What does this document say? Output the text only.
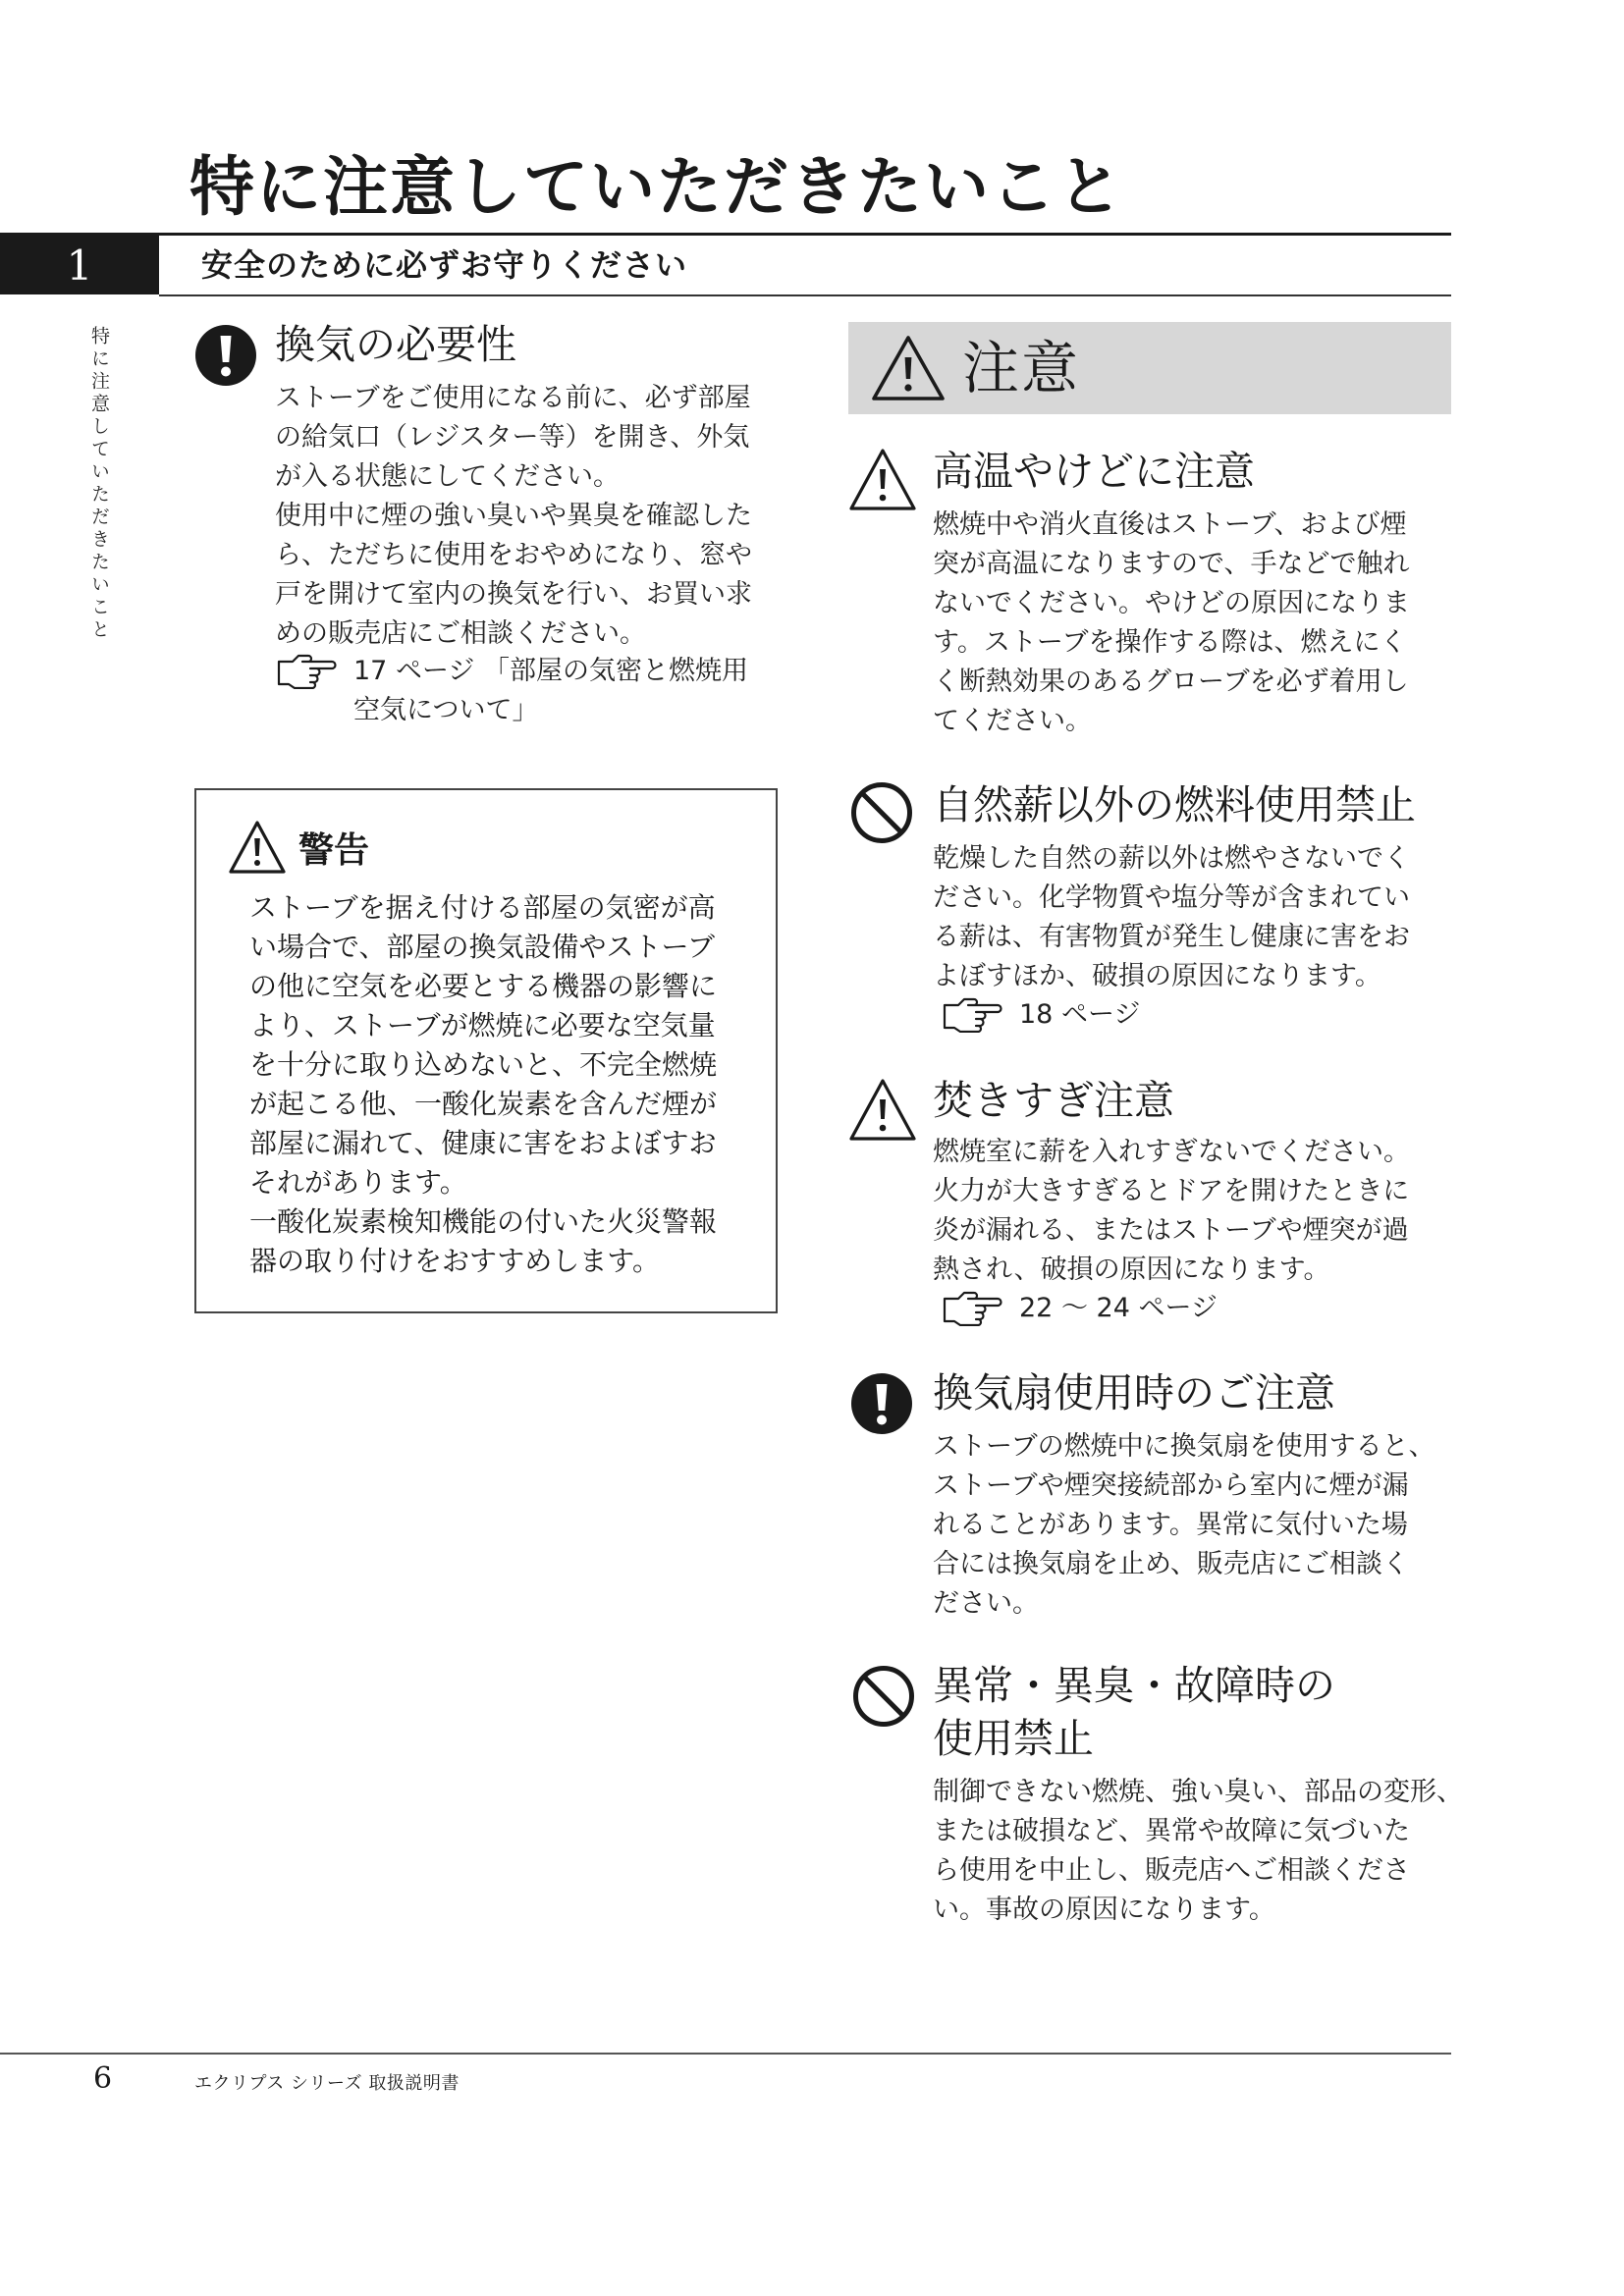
特に注意していただきたいこと
1	安全のために必ずお守りください
特に注意していただきたいこと	換気の必要性

ストーブをご使用になる前に、必ず部屋
の給気口（レジスター等）を開き、外気
が入る状態にしてください。
使用中に煙の強い臭いや異臭を確認した
ら、ただちに使用をおやめになり、窓や
戸を開けて室内の換気を行い、お買い求
めの販売店にご相談ください。

17 ページ 「部屋の気密と燃焼用
空気について」
警告

ストーブを据え付ける部屋の気密が高
い場合で、部屋の換気設備やストーブ
の他に空気を必要とする機器の影響に
より、ストーブが燃焼に必要な空気量
を十分に取り込めないと、不完全燃焼
が起こる他、一酸化炭素を含んだ煙が
部屋に漏れて、健康に害をおよぼすお
それがあります。
一酸化炭素検知機能の付いた火災警報
器の取り付けをおすすめします。

注意
高温やけどに注意

燃焼中や消火直後はストーブ、および煙
突が高温になりますので、手などで触れ
ないでください。やけどの原因になりま
す。ストーブを操作する際は、燃えにく
く断熱効果のあるグローブを必ず着用し
てください。

自然薪以外の燃料使用禁止

乾燥した自然の薪以外は燃やさないでく
ださい。化学物質や塩分等が含まれてい
る薪は、有害物質が発生し健康に害をお
よぼすほか、破損の原因になります。

18 ページ
焚きすぎ注意

燃焼室に薪を入れすぎないでください。
火力が大きすぎるとドアを開けたときに
炎が漏れる、またはストーブや煙突が過
熱され、破損の原因になります。

22 ～ 24 ページ
換気扇使用時のご注意

ストーブの燃焼中に換気扇を使用すると、
ストーブや煙突接続部から室内に煙が漏
れることがあります。異常に気付いた場
合には換気扇を止め、販売店にご相談く
ださい。

異常・異臭・故障時の
使用禁止

制御できない燃焼、強い臭い、部品の変形、
または破損など、異常や故障に気づいた
ら使用を中止し、販売店へご相談くださ
い。事故の原因になります。

6	エクリプス シリーズ 取扱説明書
